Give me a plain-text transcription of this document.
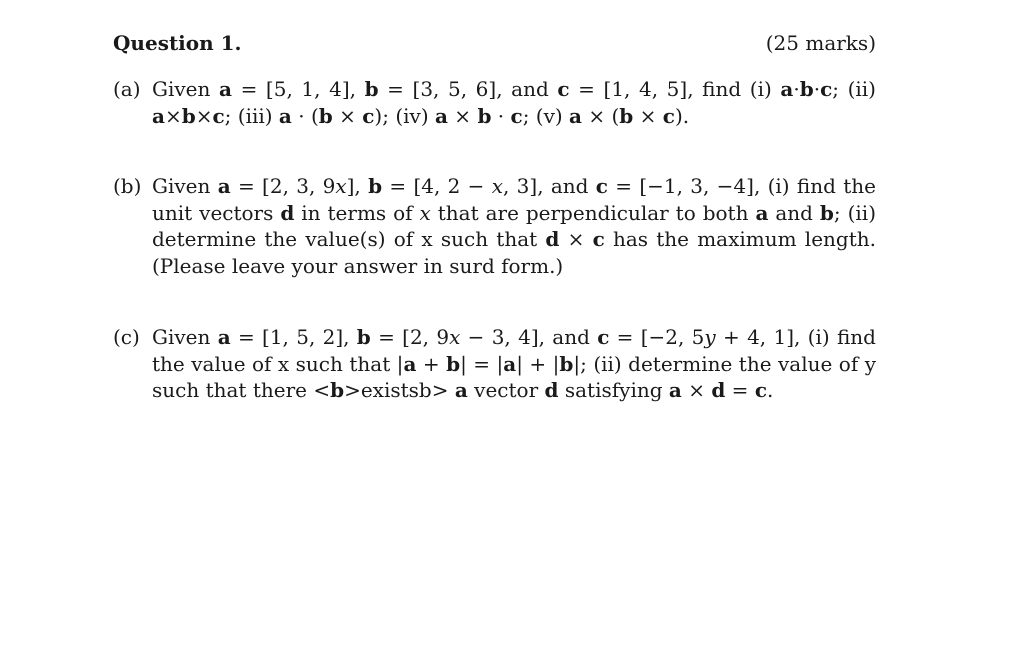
Question 1.	(25 marks)
(a) Given a = [5, 1, 4], b = [3, 5, 6], and c = [1, 4, 5], find (i) a·b·c; (ii) a×b×c; (iii) a · (b × c); (iv) a × b · c; (v) a × (b × c).
(b) Given a = [2, 3, 9x], b = [4, 2 − x, 3], and c = [−1, 3, −4], (i) find the unit vectors d in terms of x that are perpendicular to both a and b; (ii) determine the value(s) of x such that d × c has the maximum length. (Please leave your answer in surd form.)
(c) Given a = [1, 5, 2], b = [2, 9x − 3, 4], and c = [−2, 5y + 4, 1], (i) find the value of x such that |a + b| = |a| + |b|; (ii) determine the value of y such that there <b>existsb> a vector d satisfying a × d = c.
